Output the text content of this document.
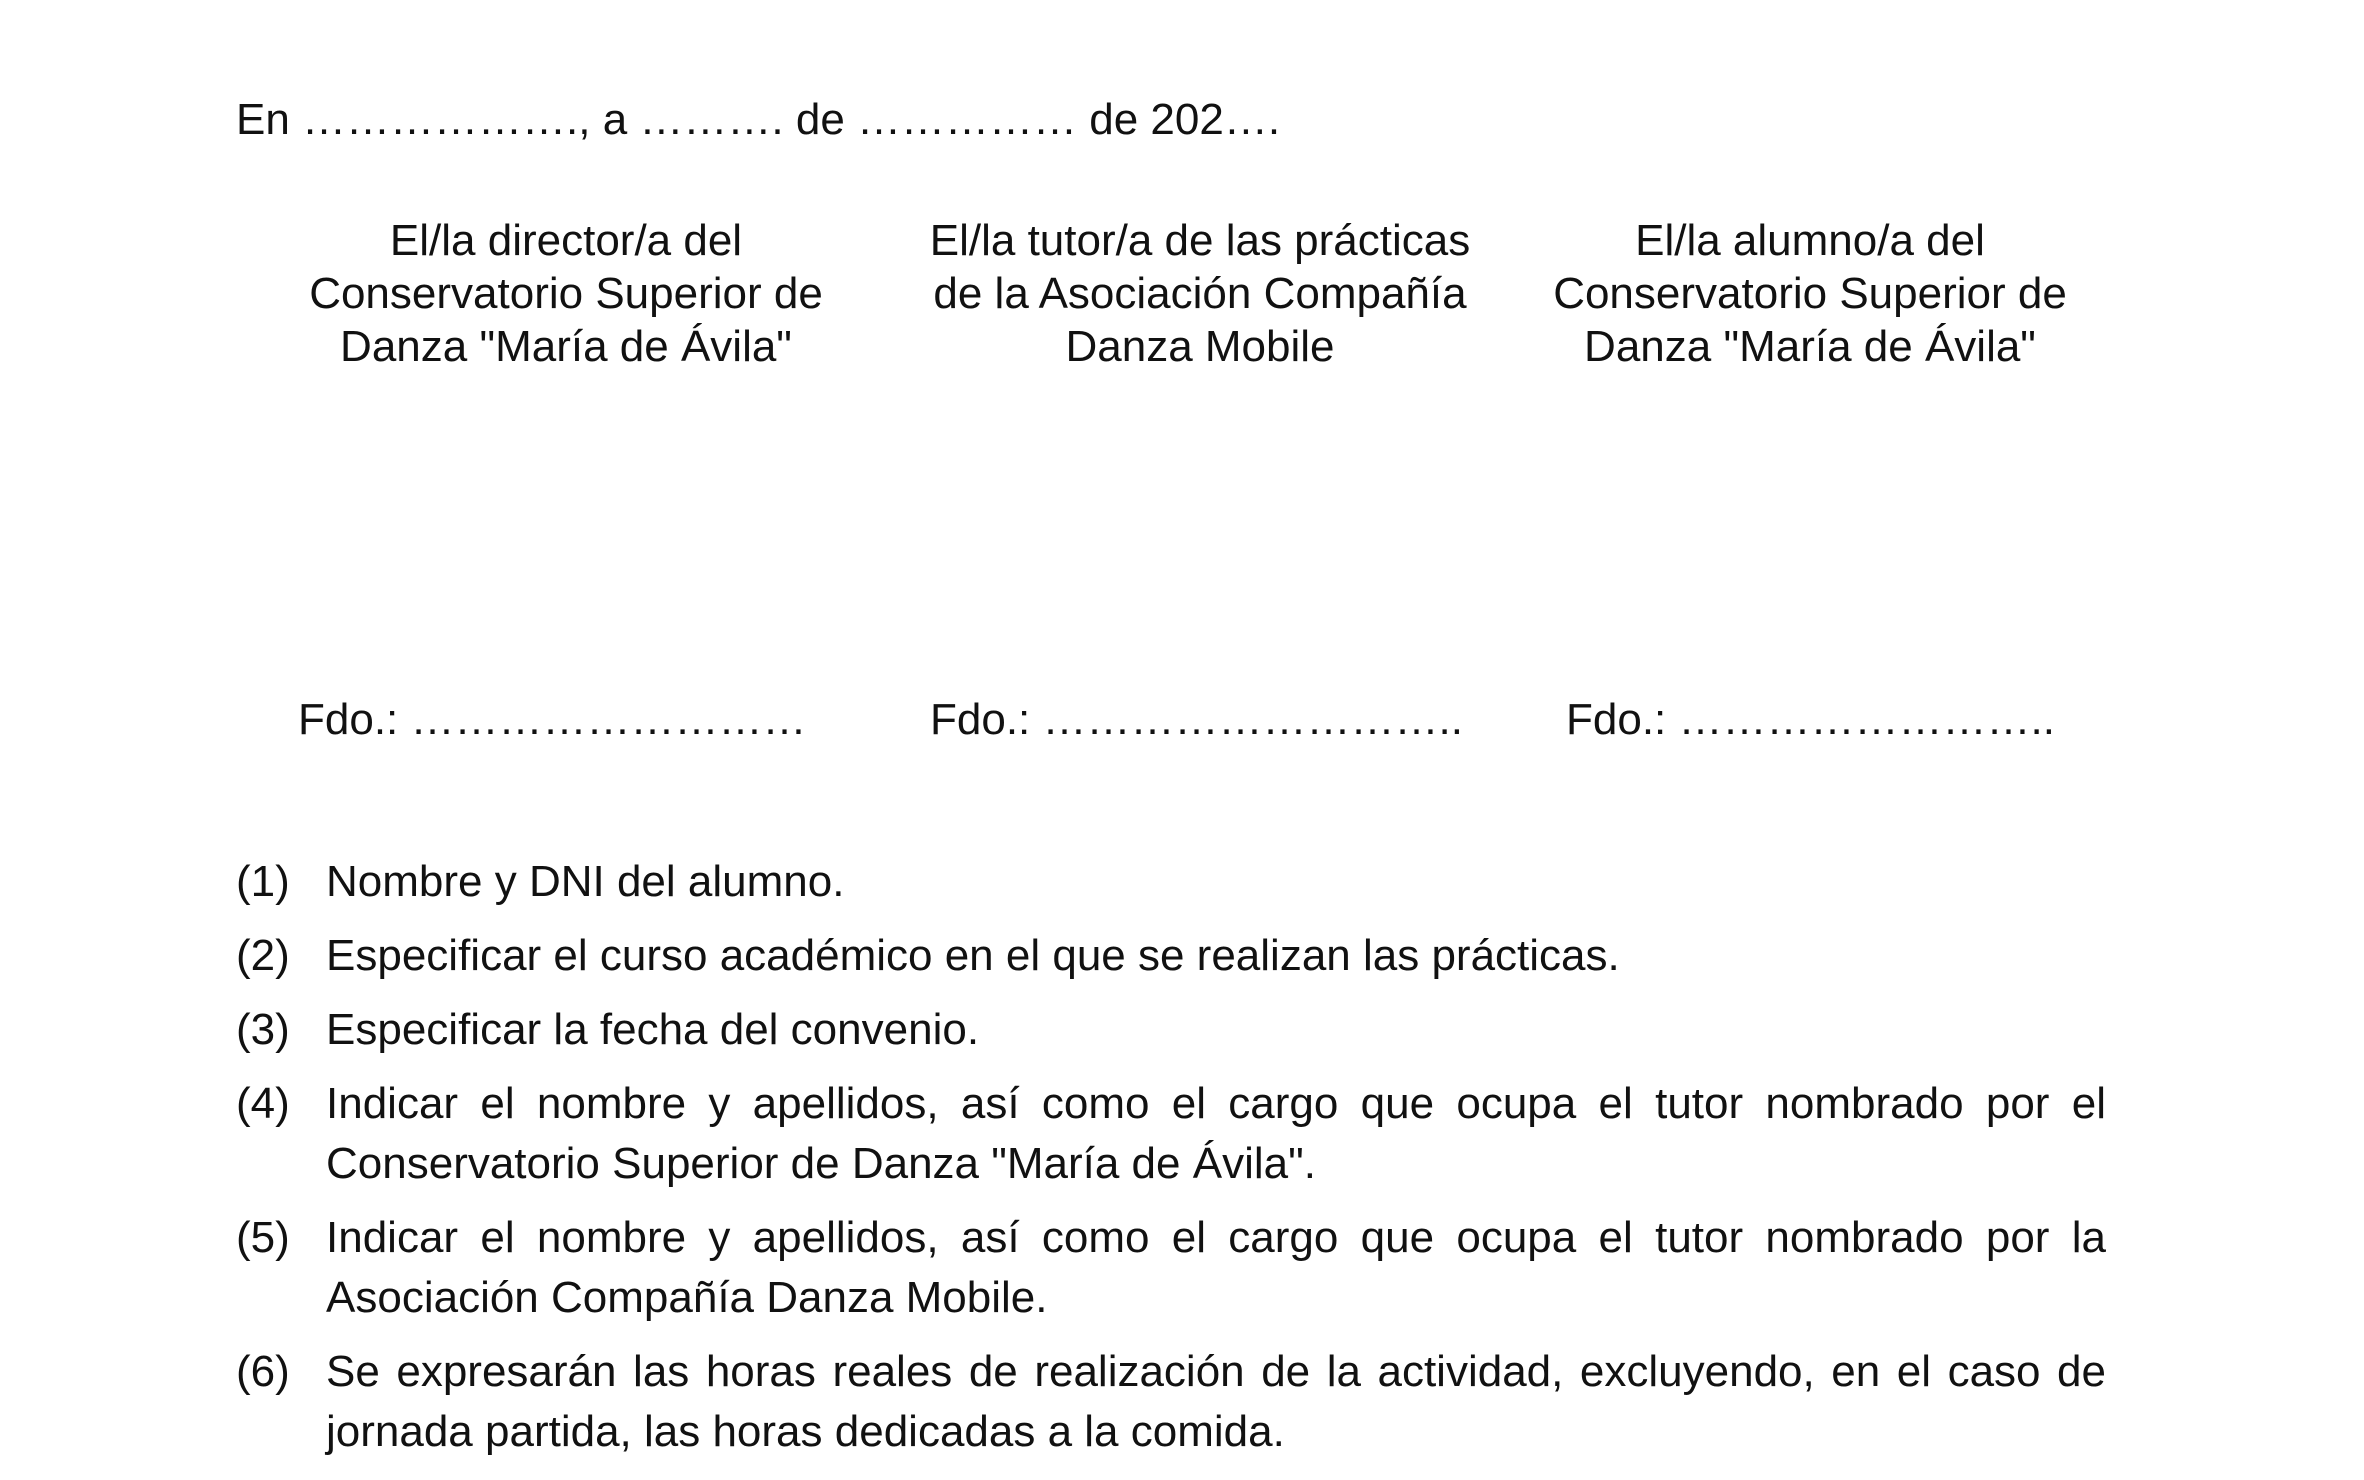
En ………………., a ………. de …………… de 202….
El/la director/a del
Conservatorio Superior de
Danza "María de Ávila"
El/la tutor/a de las prácticas
de la Asociación Compañía
Danza Mobile
El/la alumno/a del
Conservatorio Superior de
Danza "María de Ávila"
Fdo.: ………………………	Fdo.: ……………………….. Fdo.: ……………………..
(1) Nombre y DNI del alumno.
(2) Especificar el curso académico en el que se realizan las prácticas.
(3) Especificar la fecha del convenio.
(4) Indicar el nombre y apellidos, así como el cargo que ocupa el tutor nombrado por el Conservatorio Superior de Danza "María de Ávila".
(5) Indicar el nombre y apellidos, así como el cargo que ocupa el tutor nombrado por la Asociación Compañía Danza Mobile.
(6) Se expresarán las horas reales de realización de la actividad, excluyendo, en el caso de jornada partida, las horas dedicadas a la comida.
